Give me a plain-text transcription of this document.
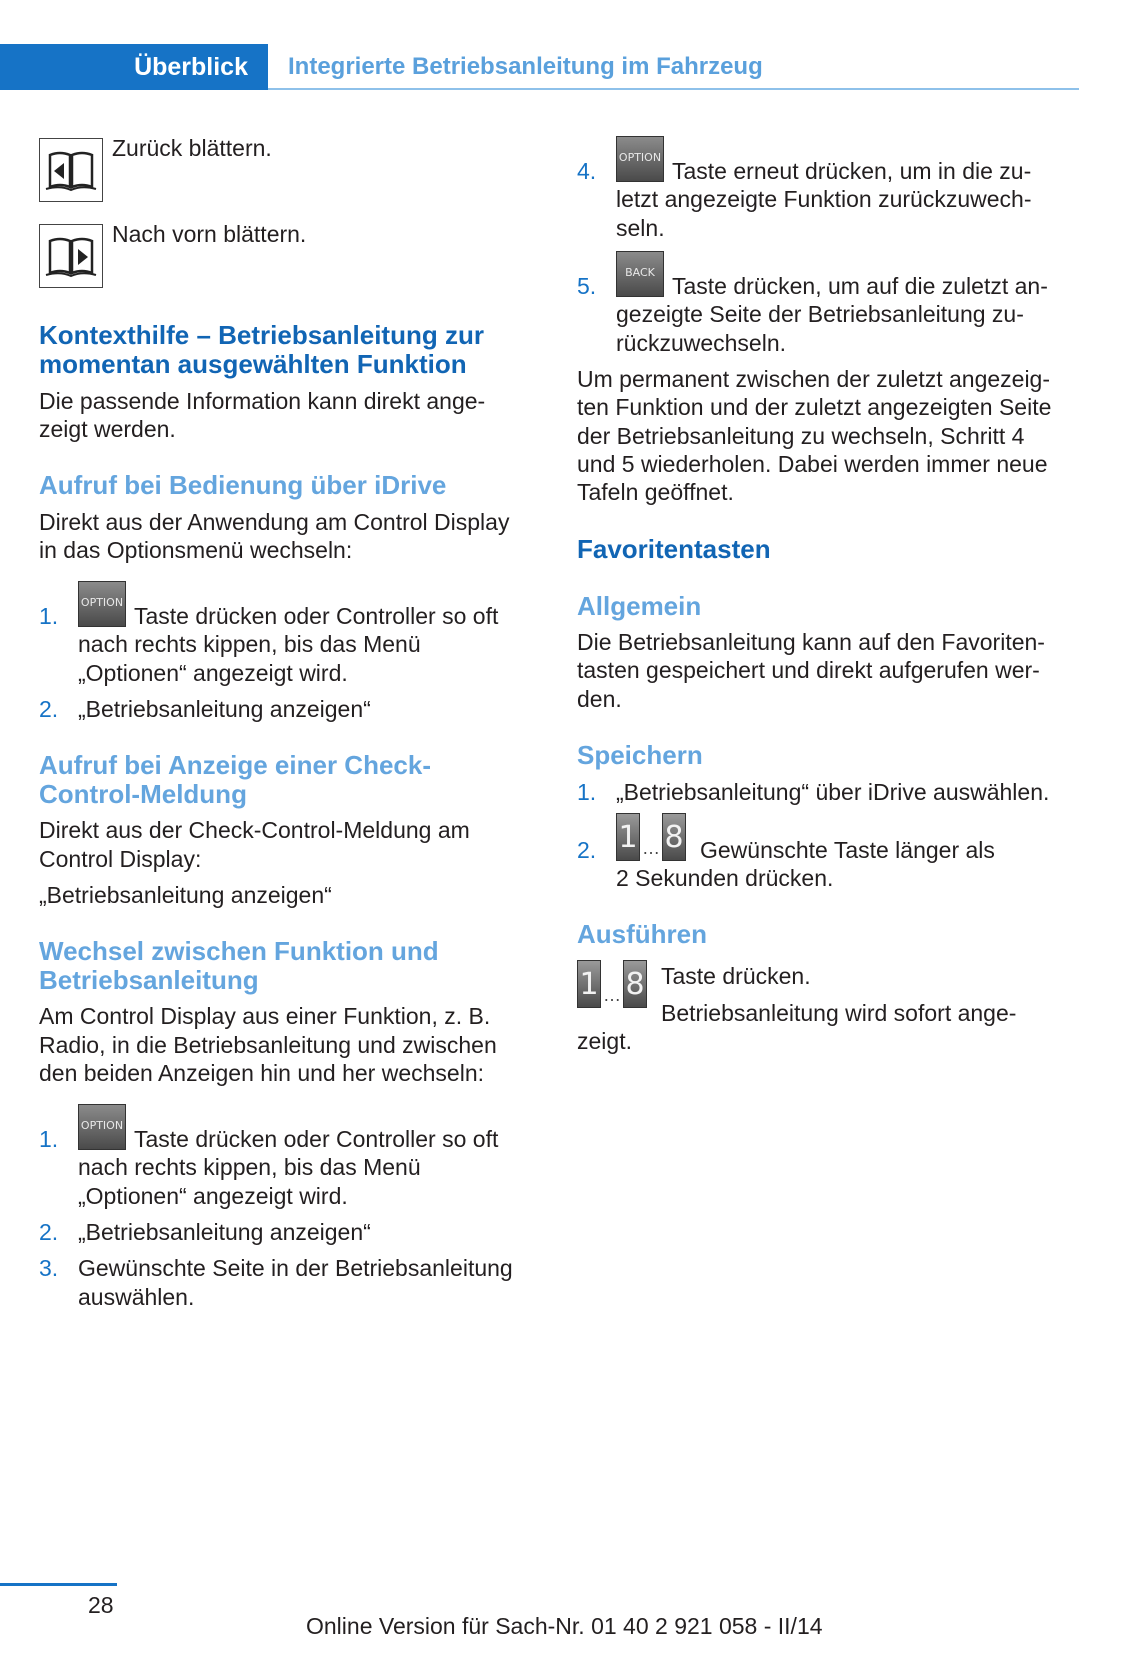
Überblick	Integrierte Betriebsanleitung im Fahrzeug
Zurück blättern.
Nach vorn blättern.
Kontexthilfe – Betriebsanleitung zur
momentan ausgewählten Funktion
Die passende Information kann direkt ange‐
zeigt werden.
Aufruf bei Bedienung über iDrive
Direkt aus der Anwendung am Control Display
in das Optionsmenü wechseln:
1.
OPTION
Taste drücken oder Controller so oft
nach rechts kippen, bis das Menü
„Optionen“ angezeigt wird.
2. „Betriebsanleitung anzeigen“
Aufruf bei Anzeige einer Check-
Control-Meldung
Direkt aus der Check-Control-Meldung am
Control Display:
„Betriebsanleitung anzeigen“
Wechsel zwischen Funktion und
Betriebsanleitung
Am Control Display aus einer Funktion, z. B.
Radio, in die Betriebsanleitung und zwischen
den beiden Anzeigen hin und her wechseln:
1.
OPTION
Taste drücken oder Controller so oft
nach rechts kippen, bis das Menü
„Optionen“ angezeigt wird.
2. „Betriebsanleitung anzeigen“
3. Gewünschte Seite in der Betriebsanleitung
auswählen.
4.
OPTION
Taste erneut drücken, um in die zu‐
letzt angezeigte Funktion zurückzuwech‐
seln.
5.
BACK
Taste drücken, um auf die zuletzt an‐
gezeigte Seite der Betriebsanleitung zu‐
rückzuwechseln.
Um permanent zwischen der zuletzt angezeig‐
ten Funktion und der zuletzt angezeigten Seite
der Betriebsanleitung zu wechseln, Schritt 4
und 5 wiederholen. Dabei werden immer neue
Tafeln geöffnet.
Favoritentasten
Allgemein
Die Betriebsanleitung kann auf den Favoriten‐
tasten gespeichert und direkt aufgerufen wer‐
den.
Speichern
1. „Betriebsanleitung“ über iDrive auswählen.
2. 1 … 8 Gewünschte Taste länger als
2 Sekunden drücken.
Ausführen
1 … 8 Taste drücken.
Betriebsanleitung wird sofort ange‐
zeigt.
28
Online Version für Sach-Nr. 01 40 2 921 058 - II/14
